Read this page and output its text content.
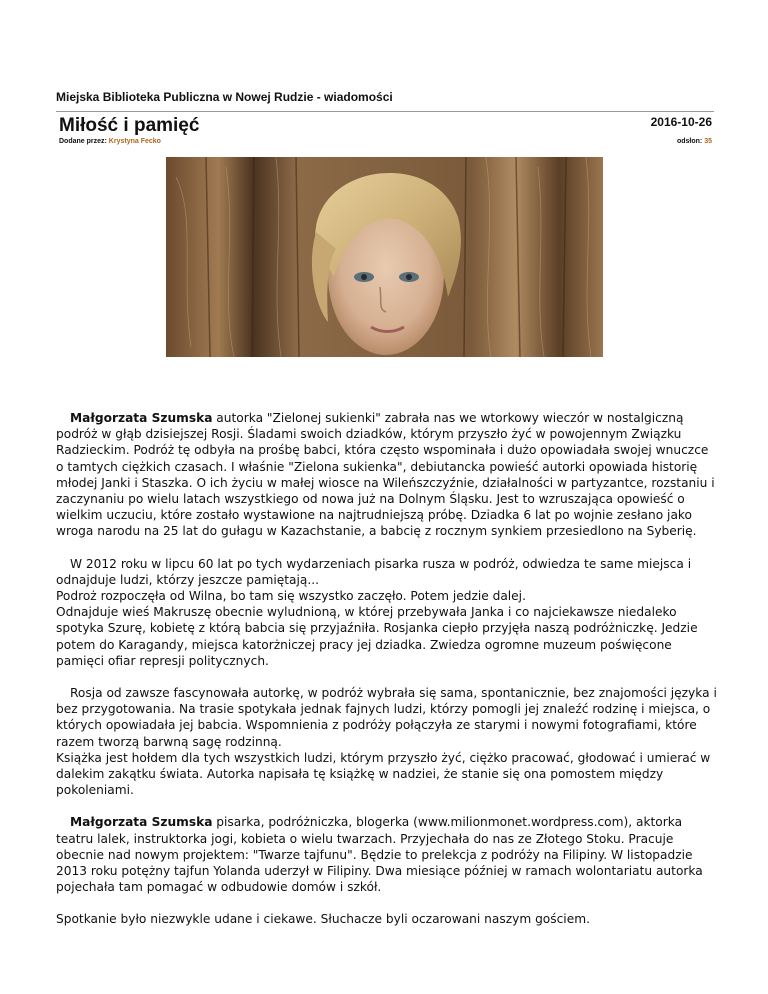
Miejska Biblioteka Publiczna w Nowej Rudzie - wiadomości
Miłość i pamięć	2016-10-26
Dodane przez: Krystyna Fecko	odsłon: 35

Małgorzata Szumska autorka "Zielonej sukienki" zabrała nas we wtorkowy wieczór w nostalgiczną podróż w głąb dzisiejszej Rosji. Śladami swoich dziadków, którym przyszło żyć w powojennym Związku Radzieckim. Podróż tę odbyła na prośbę babci, która często wspominała i dużo opowiadała swojej wnuczce o tamtych ciężkich czasach. I właśnie "Zielona sukienka", debiutancka powieść autorki opowiada historię młodej Janki i Staszka. O ich życiu w małej wiosce na Wileńszczyźnie, działalności w partyzantce, rozstaniu i zaczynaniu po wielu latach wszystkiego od nowa już na Dolnym Śląsku. Jest to wzruszająca opowieść o wielkim uczuciu, które zostało wystawione na najtrudniejszą próbę. Dziadka 6 lat po wojnie zesłano jako wroga narodu na 25 lat do gułagu w Kazachstanie, a babcię z rocznym synkiem przesiedlono na Syberię.

W 2012 roku w lipcu 60 lat po tych wydarzeniach pisarka rusza w podróż, odwiedza te same miejsca i odnajduje ludzi, którzy jeszcze pamiętają...
Podroż rozpoczęła od Wilna, bo tam się wszystko zaczęło. Potem jedzie dalej.
Odnajduje wieś Makruszę obecnie wyludnioną, w której przebywała Janka i co najciekawsze niedaleko spotyka Szurę, kobietę z którą babcia się przyjaźniła. Rosjanka ciepło przyjęła naszą podróżniczkę. Jedzie potem do Karagandy, miejsca katorżniczej pracy jej dziadka. Zwiedza ogromne muzeum poświęcone pamięci ofiar represji politycznych.

Rosja od zawsze fascynowała autorkę, w podróż wybrała się sama, spontanicznie, bez znajomości języka i bez przygotowania. Na trasie spotykała jednak fajnych ludzi, którzy pomogli jej znaleźć rodzinę i miejsca, o których opowiadała jej babcia. Wspomnienia z podróży połączyła ze starymi i nowymi fotografiami, które razem tworzą barwną sagę rodzinną.
Książka jest hołdem dla tych wszystkich ludzi, którym przyszło żyć, ciężko pracować, głodować i umierać w dalekim zakątku świata. Autorka napisała tę książkę w nadziei, że stanie się ona pomostem między pokoleniami.

Małgorzata Szumska pisarka, podróżniczka, blogerka (www.milionmonet.wordpress.com), aktorka teatru lalek, instruktorka jogi, kobieta o wielu twarzach. Przyjechała do nas ze Złotego Stoku. Pracuje obecnie nad nowym projektem: "Twarze tajfunu". Będzie to prelekcja z podróży na Filipiny. W listopadzie 2013 roku potężny tajfun Yolanda uderzył w Filipiny. Dwa miesiące później w ramach wolontariatu autorka pojechała tam pomagać w odbudowie domów i szkół.

Spotkanie było niezwykle udane i ciekawe. Słuchacze byli oczarowani naszym gościem.
